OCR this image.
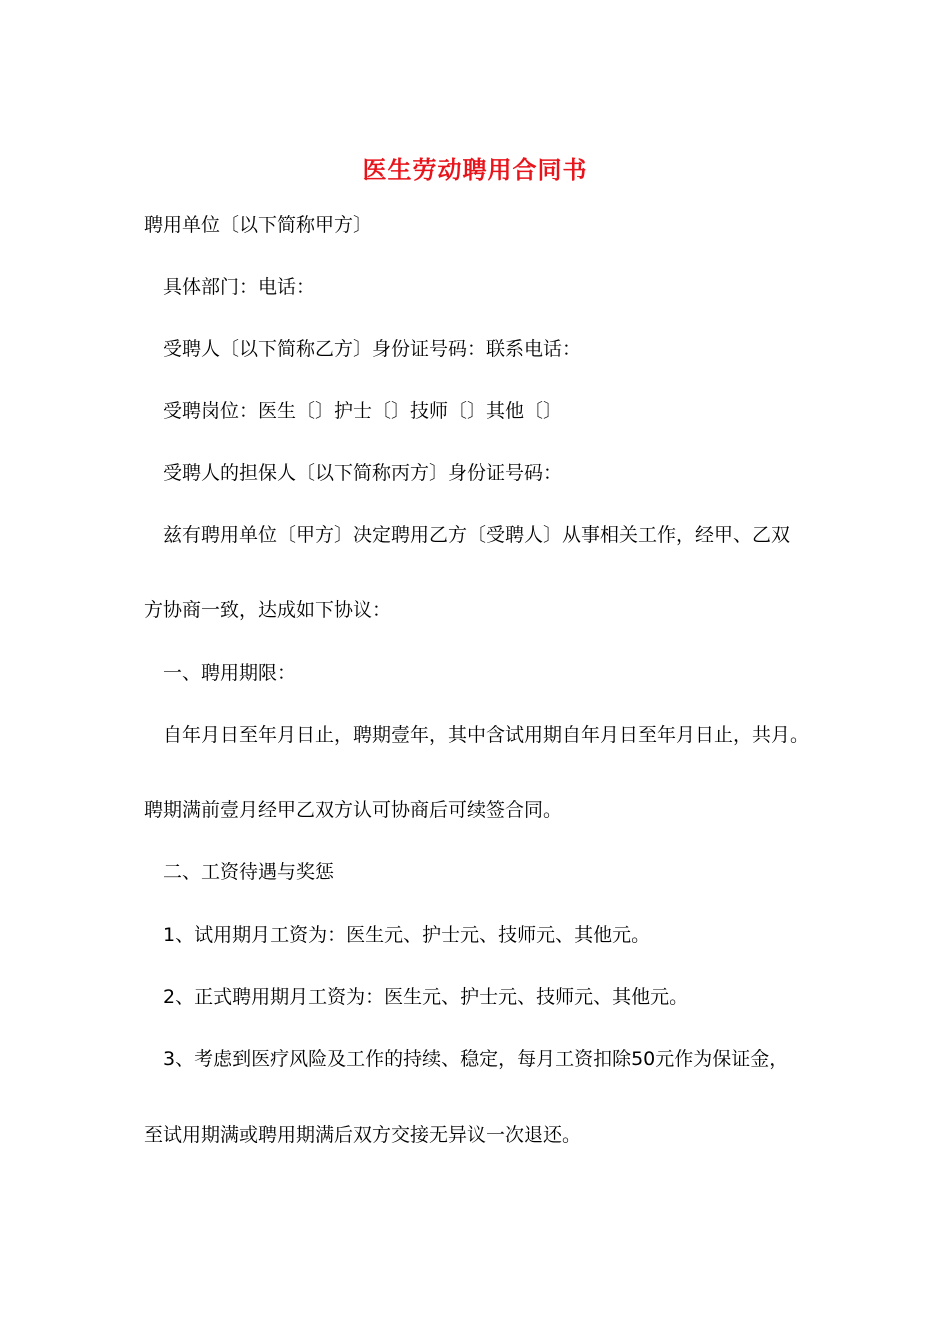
医生劳动聘用合同书
聘用单位〔以下简称甲方〕
具体部门：电话：
受聘人〔以下简称乙方〕身份证号码：联系电话：
受聘岗位：医生〔〕护士〔〕技师〔〕其他〔〕
受聘人的担保人〔以下简称丙方〕身份证号码：
兹有聘用单位〔甲方〕决定聘用乙方〔受聘人〕从事相关工作，经甲、乙双
方协商一致，达成如下协议：
一、聘用期限：
自年月日至年月日止，聘期壹年，其中含试用期自年月日至年月日止，共月。
聘期满前壹月经甲乙双方认可协商后可续签合同。
二、工资待遇与奖惩
1、试用期月工资为：医生元、护士元、技师元、其他元。
2、正式聘用期月工资为：医生元、护士元、技师元、其他元。
3、考虑到医疗风险及工作的持续、稳定，每月工资扣除50元作为保证金，
至试用期满或聘用期满后双方交接无异议一次退还。
